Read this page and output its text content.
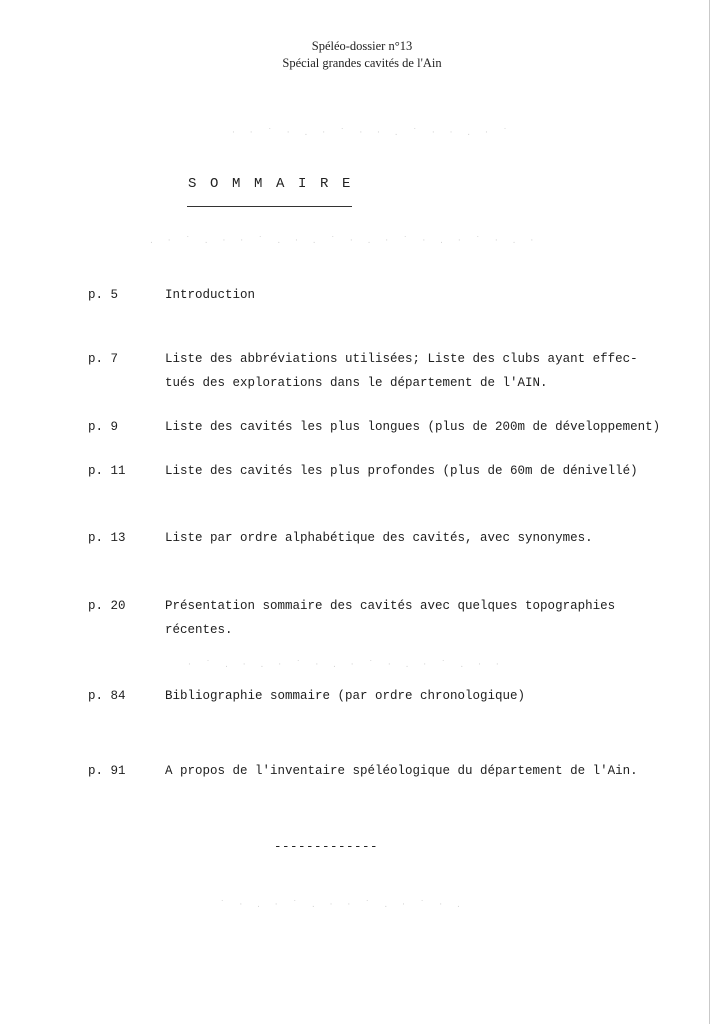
· · ˙ · . · ˙ · · . ˙ · · . · ˙
. · ˙ . · · ˙ . · . ˙ · . · ˙ · . · ˙ · . ·
· ˙ . · . · ˙ · . · ˙ · . · ˙ . · ·
˙ · . · ˙ . · · ˙ . · ˙ · .
Spéléo-dossier n°13
Spécial grandes cavités de l'Ain
SOMMAIRE
p. 5	Introduction
p. 7	Liste des abbréviations utilisées; Liste des clubs ayant effec-
tués des explorations dans le département de l'AIN.
p. 9	Liste des cavités les plus longues (plus de 200m de développement)
p. 11	Liste des cavités les plus profondes (plus de 60m de dénivellé)
p. 13	Liste par ordre alphabétique des cavités, avec synonymes.
p. 20	Présentation sommaire des cavités avec quelques topographies
récentes.
p. 84	Bibliographie sommaire (par ordre chronologique)
p. 91	A propos de l'inventaire spéléologique du département de l'Ain.
-------------
